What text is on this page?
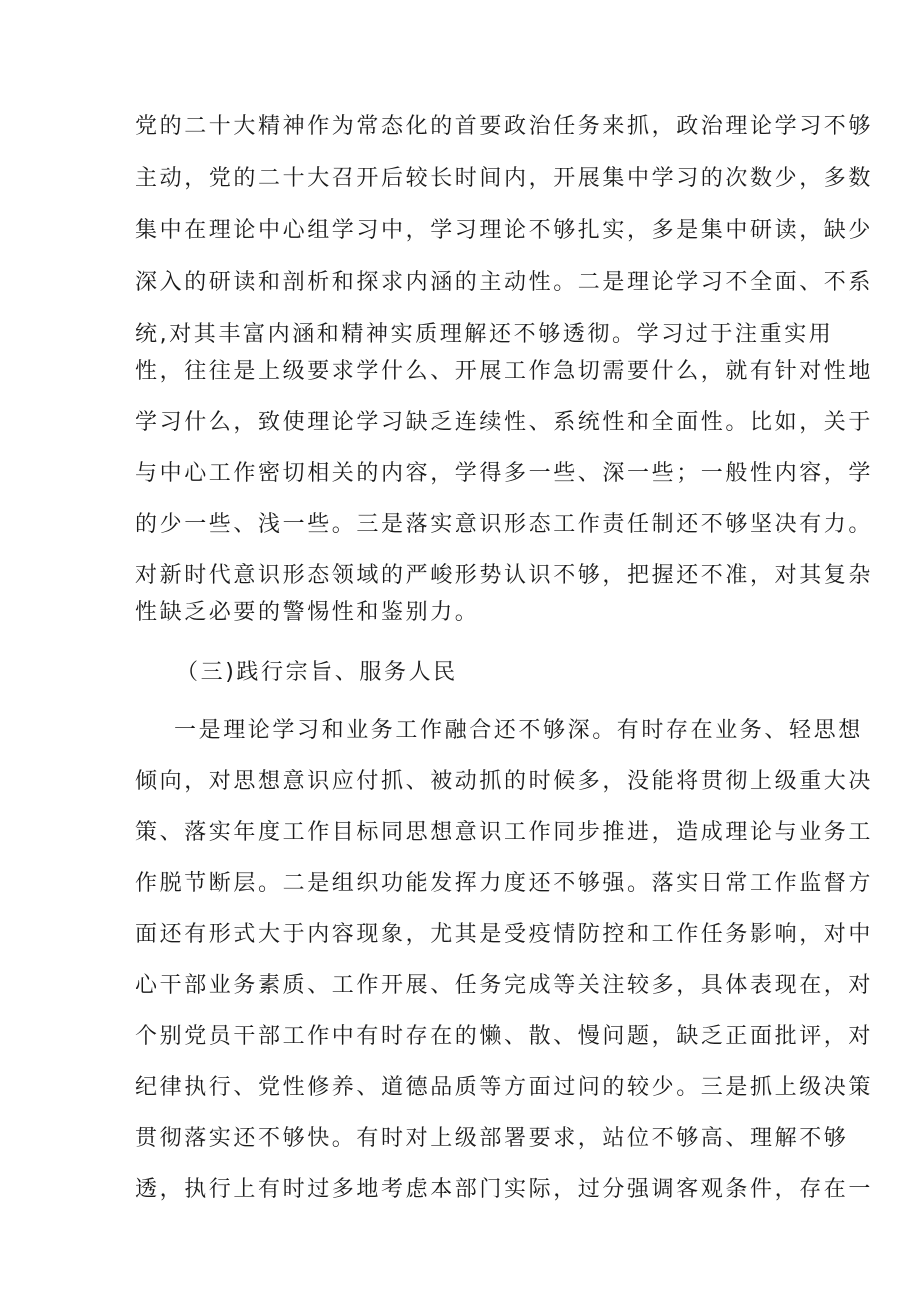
党的二十大精神作为常态化的首要政治任务来抓，政治理论学习不够
主动，党的二十大召开后较长时间内，开展集中学习的次数少，多数
集中在理论中心组学习中，学习理论不够扎实，多是集中研读，缺少
深入的研读和剖析和探求内涵的主动性。二是理论学习不全面、不系
统,对其丰富内涵和精神实质理解还不够透彻。学习过于注重实用
性，往往是上级要求学什么、开展工作急切需要什么，就有针对性地
学习什么，致使理论学习缺乏连续性、系统性和全面性。比如，关于
与中心工作密切相关的内容，学得多一些、深一些；一般性内容，学
的少一些、浅一些。三是落实意识形态工作责任制还不够坚决有力。
对新时代意识形态领域的严峻形势认识不够，把握还不准，对其复杂
性缺乏必要的警惕性和鉴别力。
（三)践行宗旨、服务人民
一是理论学习和业务工作融合还不够深。有时存在业务、轻思想
倾向，对思想意识应付抓、被动抓的时候多，没能将贯彻上级重大决
策、落实年度工作目标同思想意识工作同步推进，造成理论与业务工
作脱节断层。二是组织功能发挥力度还不够强。落实日常工作监督方
面还有形式大于内容现象，尤其是受疫情防控和工作任务影响，对中
心干部业务素质、工作开展、任务完成等关注较多，具体表现在，对
个别党员干部工作中有时存在的懒、散、慢问题，缺乏正面批评，对
纪律执行、党性修养、道德品质等方面过问的较少。三是抓上级决策
贯彻落实还不够快。有时对上级部署要求，站位不够高、理解不够
透，执行上有时过多地考虑本部门实际，过分强调客观条件，存在一
